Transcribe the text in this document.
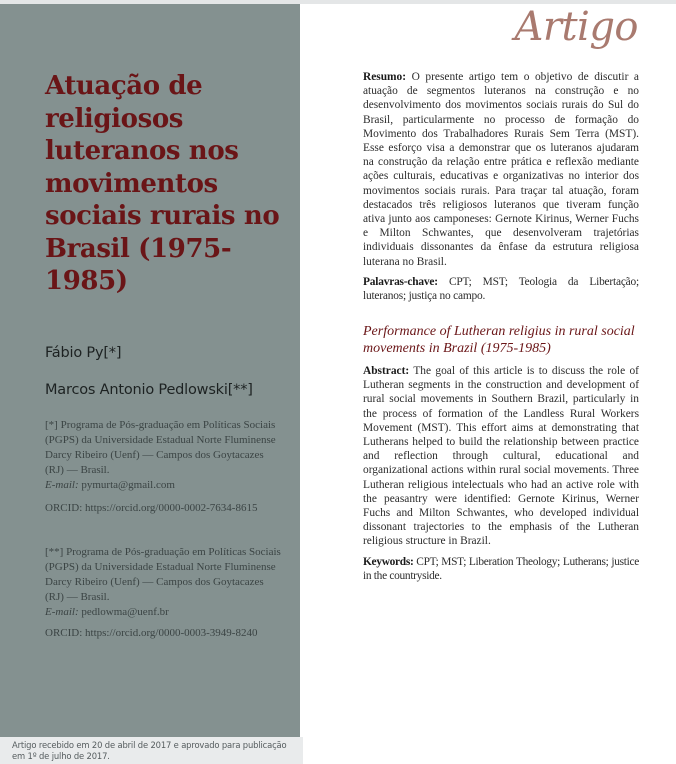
Atuação de religiosos luteranos nos movimentos sociais rurais no Brasil (1975-1985)
Fábio Py[*]
Marcos Antonio Pedlowski[**]
[*] Programa de Pós-graduação em Políticas Sociais (PGPS) da Universidade Estadual Norte Fluminense Darcy Ribeiro (Uenf) — Campos dos Goytacazes (RJ) — Brasil.
E-mail: pymurta@gmail.com
ORCID: https://orcid.org/0000-0002-7634-8615
[**] Programa de Pós-graduação em Políticas Sociais (PGPS) da Universidade Estadual Norte Fluminense Darcy Ribeiro (Uenf) — Campos dos Goytacazes (RJ) — Brasil.
E-mail: pedlowma@uenf.br
ORCID: https://orcid.org/0000-0003-3949-8240
Artigo recebido em 20 de abril de 2017 e aprovado para publicação em 1º de julho de 2017.
Artigo

Resumo: O presente artigo tem o objetivo de discutir a atuação de segmentos luteranos na construção e no desenvolvimento dos movimentos sociais rurais do Sul do Brasil, particularmente no processo de formação do Movimento dos Trabalhadores Rurais Sem Terra (MST). Esse esforço visa a demonstrar que os luteranos ajudaram na construção da relação entre prática e reflexão mediante ações culturais, educativas e organizativas no interior dos movimentos sociais rurais. Para traçar tal atuação, foram destacados três religiosos luteranos que tiveram função ativa junto aos camponeses: Gernote Kirinus, Werner Fuchs e Milton Schwantes, que desenvolveram trajetórias individuais dissonantes da ênfase da estrutura religiosa luterana no Brasil.

Palavras-chave: CPT; MST; Teologia da Libertação; luteranos; justiça no campo.

Performance of Lutheran religius in rural social movements in Brazil (1975-1985)

Abstract: The goal of this article is to discuss the role of Lutheran segments in the construction and development of rural social movements in Southern Brazil, particularly in the process of formation of the Landless Rural Workers Movement (MST). This effort aims at demonstrating that Lutherans helped to build the relationship between practice and reflection through cultural, educational and organizational actions within rural social movements. Three Lutheran religious intelectuals who had an active role with the peasantry were identified: Gernote Kirinus, Werner Fuchs and Milton Schwantes, who developed individual dissonant trajectories to the emphasis of the Lutheran religious structure in Brazil.

Keywords: CPT; MST; Liberation Theology; Lutherans; justice in the countryside.
